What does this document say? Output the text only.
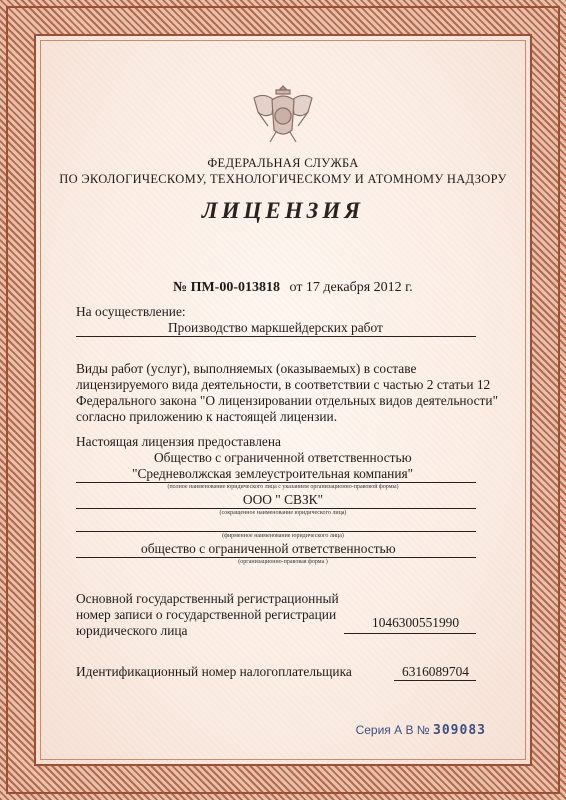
ФЕДЕРАЛЬНАЯ СЛУЖБА
ПО ЭКОЛОГИЧЕСКОМУ, ТЕХНОЛОГИЧЕСКОМУ И АТОМНОМУ НАДЗОРУ
ЛИЦЕНЗИЯ
№ ПМ-00-013818 от 17 декабря 2012 г.
На осуществление:
Производство маркшейдерских работ
Виды работ (услуг), выполняемых (оказываемых) в составе
лицензируемого вида деятельности, в соответствии с частью 2 статьи 12
Федерального закона "О лицензировании отдельных видов деятельности"
согласно приложению к настоящей лицензии.
Настоящая лицензия предоставлена
Общество с ограниченной ответственностью
"Средневолжская землеустроительная компания"
(полное наименование юридического лица с указанием организационно-правовой формы)
ООО " СВЗК"
(сокращенное наименование юридического лица)
(фирменное наименование юридического лица)
общество с ограниченной ответственностью
(организационно-правовая форма )
Основной государственный регистрационный
номер записи о государственной регистрации
юридического лица
1046300551990
Идентификационный номер налогоплательщика	6316089704
Серия А В № 309083
